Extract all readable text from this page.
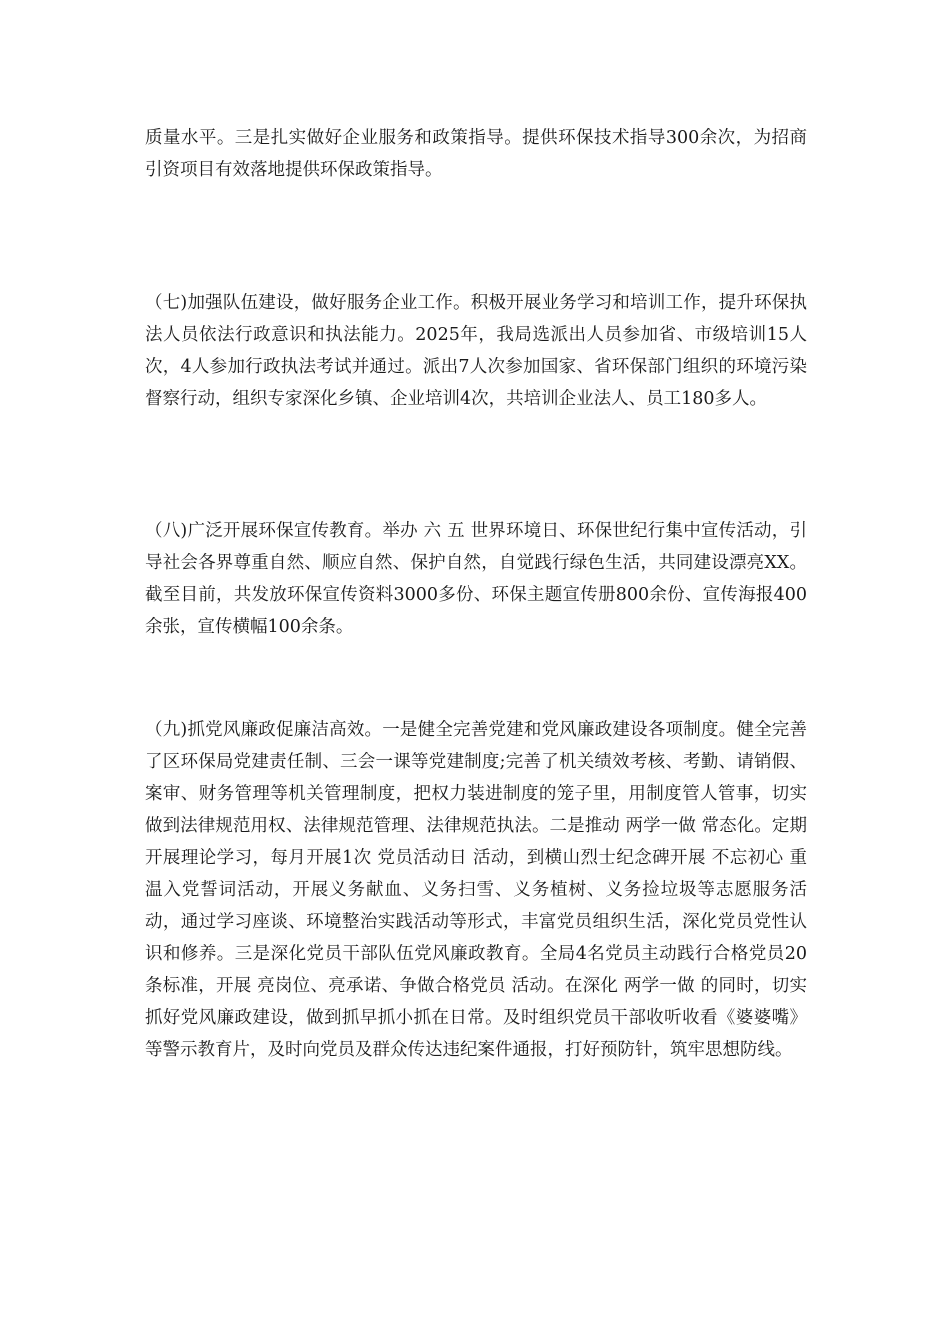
质量水平。三是扎实做好企业服务和政策指导。提供环保技术指导300余次，为招商引资项目有效落地提供环保政策指导。

（七)加强队伍建设，做好服务企业工作。积极开展业务学习和培训工作，提升环保执法人员依法行政意识和执法能力。2025年，我局选派出人员参加省、市级培训15人次，4人参加行政执法考试并通过。派出7人次参加国家、省环保部门组织的环境污染督察行动，组织专家深化乡镇、企业培训4次，共培训企业法人、员工180多人。

（八)广泛开展环保宣传教育。举办 六 五 世界环境日、环保世纪行集中宣传活动，引导社会各界尊重自然、顺应自然、保护自然，自觉践行绿色生活，共同建设漂亮XX。截至目前，共发放环保宣传资料3000多份、环保主题宣传册800余份、宣传海报400余张，宣传横幅100余条。

（九)抓党风廉政促廉洁高效。一是健全完善党建和党风廉政建设各项制度。健全完善了区环保局党建责任制、三会一课等党建制度;完善了机关绩效考核、考勤、请销假、案审、财务管理等机关管理制度，把权力装进制度的笼子里，用制度管人管事，切实做到法律规范用权、法律规范管理、法律规范执法。二是推动 两学一做 常态化。定期开展理论学习，每月开展1次 党员活动日 活动，到横山烈士纪念碑开展 不忘初心 重温入党誓词活动，开展义务献血、义务扫雪、义务植树、义务捡垃圾等志愿服务活动，通过学习座谈、环境整治实践活动等形式，丰富党员组织生活，深化党员党性认识和修养。三是深化党员干部队伍党风廉政教育。全局4名党员主动践行合格党员20条标准，开展 亮岗位、亮承诺、争做合格党员 活动。在深化 两学一做 的同时，切实抓好党风廉政建设，做到抓早抓小抓在日常。及时组织党员干部收听收看《婆婆嘴》等警示教育片，及时向党员及群众传达违纪案件通报，打好预防针，筑牢思想防线。
